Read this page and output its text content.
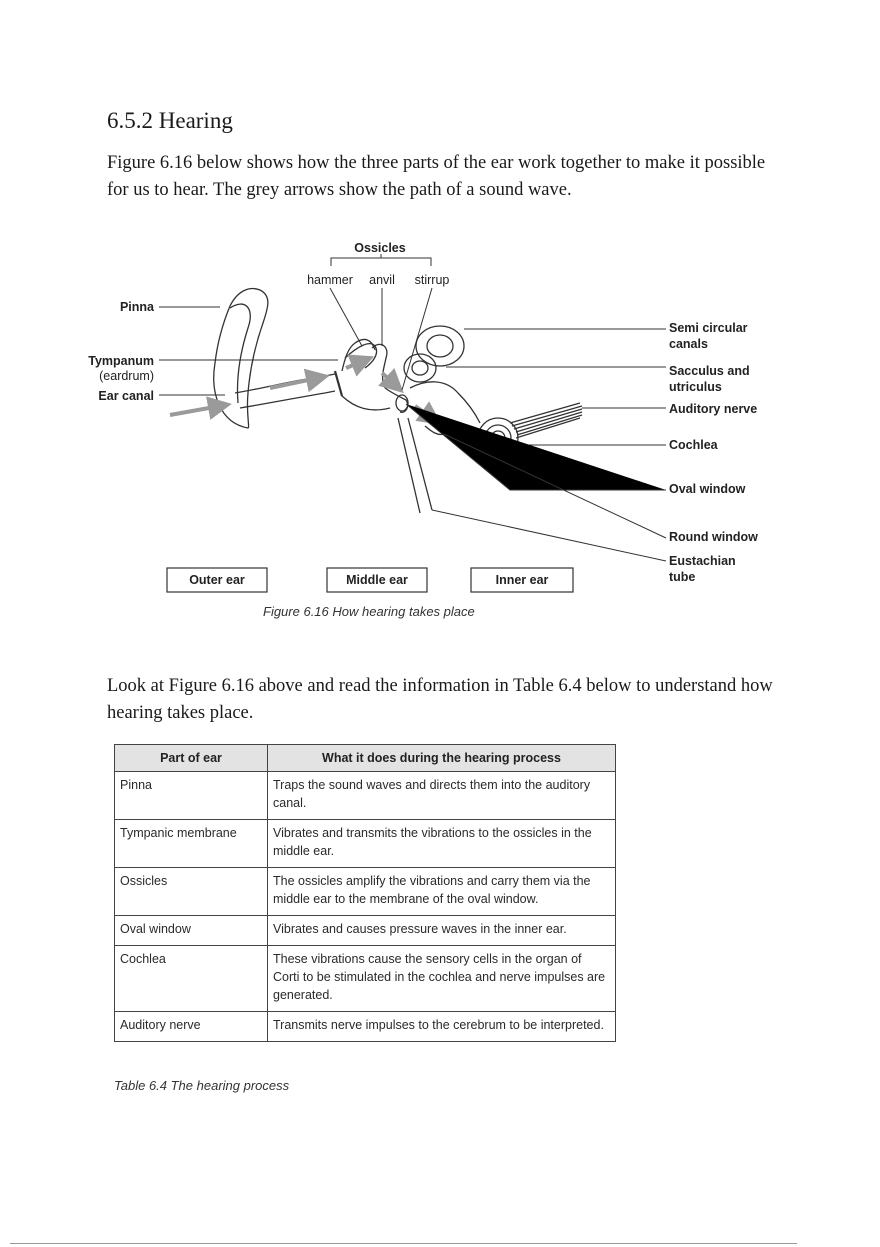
6.5.2 Hearing

Figure 6.16 below shows how the three parts of the ear work together to make it possible for us to hear. The grey arrows show the path of a sound wave.

Ossicles
hammer anvil stirrup
Pinna
Tympanum
(eardrum)
Ear canal
Semi circular
canals
Sacculus and
utriculus
Auditory nerve
Cochlea
Oval window
Round window
Eustachian
tube
Outer ear	Middle ear	Inner ear
Figure 6.16 How hearing takes place

Look at Figure 6.16 above and read the information in Table 6.4 below to understand how hearing takes place.

Part of ear	What it does during the hearing process
Pinna	Traps the sound waves and directs them into the auditory canal.
Tympanic membrane	Vibrates and transmits the vibrations to the ossicles in the middle ear.
Ossicles	The ossicles amplify the vibrations and carry them via the middle ear to the membrane of the oval window.
Oval window	Vibrates and causes pressure waves in the inner ear.
Cochlea	These vibrations cause the sensory cells in the organ of Corti to be stimulated in the cochlea and nerve impulses are generated.
Auditory nerve	Transmits nerve impulses to the cerebrum to be interpreted.
Table 6.4 The hearing process
